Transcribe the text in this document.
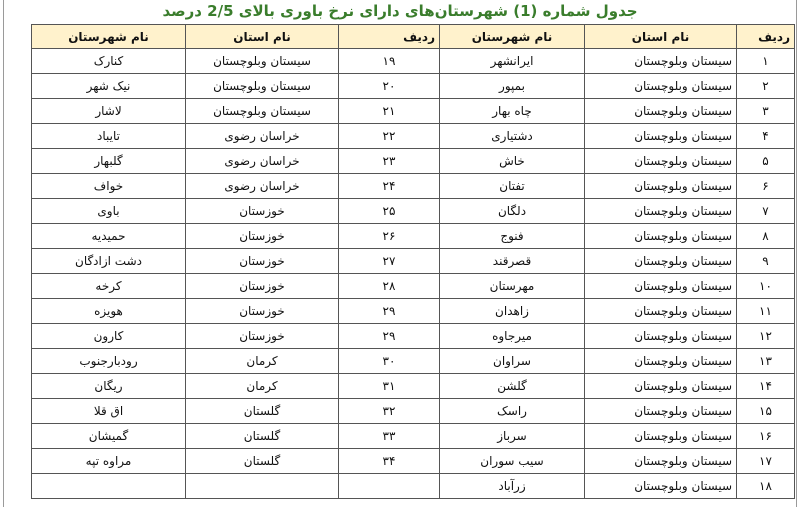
جدول شماره (1) شهرستان‌های دارای نرخ باوری بالای 2/5 درصد
ردیف	نام استان	نام شهرستان	ردیف	نام استان	نام شهرستان
۱	سیستان وبلوچستان	ایرانشهر	۱۹	سیستان وبلوچستان	کنارک
۲	سیستان وبلوچستان	بمپور	۲۰	سیستان وبلوچستان	نیک شهر
۳	سیستان وبلوچستان	چاه بهار	۲۱	سیستان وبلوچستان	لاشار
۴	سیستان وبلوچستان	دشتیاری	۲۲	خراسان رضوی	تایباد
۵	سیستان وبلوچستان	خاش	۲۳	خراسان رضوی	گلبهار
۶	سیستان وبلوچستان	تفتان	۲۴	خراسان رضوی	خواف
۷	سیستان وبلوچستان	دلگان	۲۵	خوزستان	باوی
۸	سیستان وبلوچستان	فنوج	۲۶	خوزستان	حمیدیه
۹	سیستان وبلوچستان	قصرقند	۲۷	خوزستان	دشت ازادگان
۱۰	سیستان وبلوچستان	مهرستان	۲۸	خوزستان	کرخه
۱۱	سیستان وبلوچستان	زاهدان	۲۹	خوزستان	هویزه
۱۲	سیستان وبلوچستان	میرجاوه	۲۹	خوزستان	کارون
۱۳	سیستان وبلوچستان	سراوان	۳۰	کرمان	رودبارجنوب
۱۴	سیستان وبلوچستان	گلشن	۳۱	کرمان	ریگان
۱۵	سیستان وبلوچستان	راسک	۳۲	گلستان	اق قلا
۱۶	سیستان وبلوچستان	سرباز	۳۳	گلستان	گمیشان
۱۷	سیستان وبلوچستان	سیب سوران	۳۴	گلستان	مراوه تپه
۱۸	سیستان وبلوچستان	زرآباد			
